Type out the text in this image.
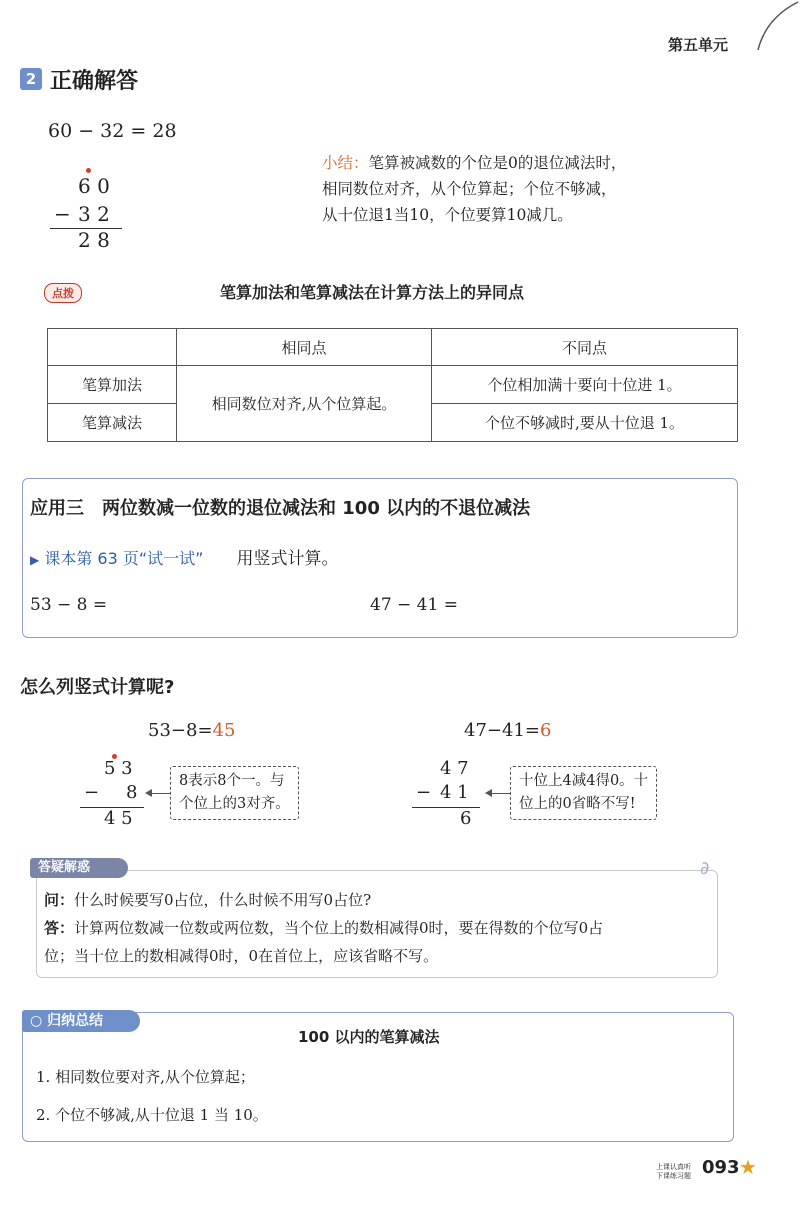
第五单元
2 正确解答
60 − 32 = 28
6 0
− 3 2
2 8
小结：笔算被减数的个位是0的退位减法时，
相同数位对齐，从个位算起；个位不够减，
从十位退1当10，个位要算10减几。
点拨	笔算加法和笔算减法在计算方法上的异同点
	相同点	不同点
笔算加法	相同数位对齐,从个位算起。	个位相加满十要向十位进 1。
笔算减法		个位不够减时,要从十位退 1。
应用三　两位数减一位数的退位减法和 100 以内的不退位减法
▶ 课本第 63 页“试一试” 用竖式计算。
53 − 8 =	47 − 41 =
怎么列竖式计算呢?
53−8=45
5 3
− 8
4 5
8表示8个一。与
个位上的3对齐。
47−41=6
4 7
− 4 1
6
十位上4减4得0。十
位上的0省略不写!
答疑解惑	∂
问：什么时候要写0占位，什么时候不用写0占位?
答：计算两位数减一位数或两位数，当个位上的数相减得0时，要在得数的个位写0占
位；当十位上的数相减得0时，0在首位上，应该省略不写。
○ 归纳总结
100 以内的笔算减法
1. 相同数位要对齐,从个位算起；
2. 个位不够减,从十位退 1 当 10。
上课认真听
下课练习题 093 ★
